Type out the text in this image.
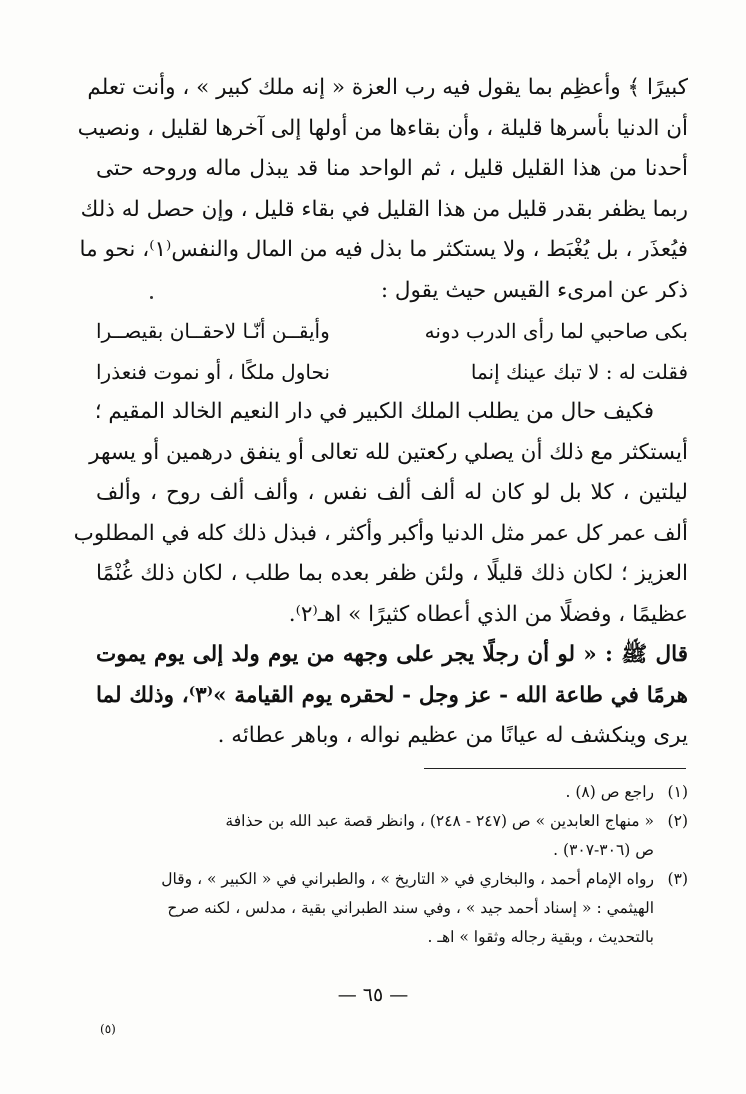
كبيرًا ﴾ وأعظِم بما يقول فيه رب العزة « إنه ملك كبير » ، وأنت تعلم
أن الدنيا بأسرها قليلة ، وأن بقاءها من أولها إلى آخرها لقليل ، ونصيب
أحدنا من هذا القليل قليل ، ثم الواحد منا قد يبذل ماله وروحه حتى
ربما يظفر بقدر قليل من هذا القليل في بقاء قليل ، وإن حصل له ذلك
فيُعذَر ، بل يُغْبَط ، ولا يستكثر ما بذل فيه من المال والنفس⁽١⁾، نحو ما
ذكر عن امرىء القيس حيث يقول :
بكى صاحبي لما رأى الدرب دونه
وأيقــن أنّـا لاحقــان بقيصــرا
فقلت له : لا تبك عينك إنما
نحاول ملكًا ، أو نموت فنعذرا
فكيف حال من يطلب الملك الكبير في دار النعيم الخالد المقيم ؛
أيستكثر مع ذلك أن يصلي ركعتين لله تعالى أو ينفق درهمين أو يسهر
ليلتين ، كلا بل لو كان له ألف ألف نفس ، وألف ألف روح ، وألف
ألف عمر كل عمر مثل الدنيا وأكبر وأكثر ، فبذل ذلك كله في المطلوب
العزيز ؛ لكان ذلك قليلًا ، ولئن ظفر بعده بما طلب ، لكان ذلك غُنْمًا
عظيمًا ، وفضلًا من الذي أعطاه كثيرًا » اهـ⁽٢⁾.
قال ﷺ : « لو أن رجلًا يجر على وجهه من يوم ولد إلى يوم يموت
هرمًا في طاعة الله - عز وجل - لحقره يوم القيامة »⁽٣⁾، وذلك لما
يرى وينكشف له عيانًا من عظيم نواله ، وباهر عطائه .
(١)
راجع ص (٨) .
(٢)
« منهاج العابدين » ص (٢٤٧ - ٢٤٨) ، وانظر قصة عبد الله بن حذافة
ص (٣٠٦-٣٠٧) .
(٣)
رواه الإمام أحمد ، والبخاري في « التاريخ » ، والطبراني في « الكبير » ، وقال
الهيثمي : « إسناد أحمد جيد » ، وفي سند الطبراني بقية ، مدلس ، لكنه صرح
بالتحديث ، وبقية رجاله وثقوا » اهـ .
— ٦٥ —
(٥)
